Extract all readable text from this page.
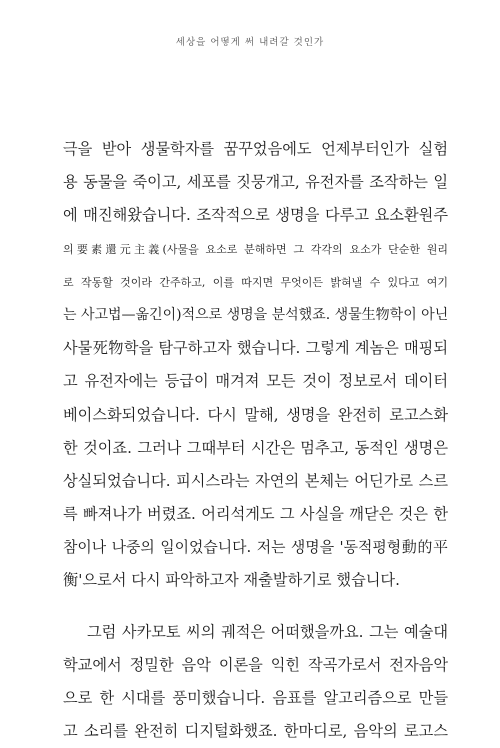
세상을 어떻게 써 내려갈 것인가
극을 받아 생물학자를 꿈꾸었음에도 언제부터인가 실험
용 동물을 죽이고, 세포를 짓뭉개고, 유전자를 조작하는 일
에 매진해왔습니다. 조작적으로 생명을 다루고 요소환원주
의要素還元主義(사물을 요소로 분해하면 그 각각의 요소가 단순한 원리
로 작동할 것이라 간주하고, 이를 따지면 무엇이든 밝혀낼 수 있다고 여기
는 사고법—옮긴이)적으로 생명을 분석했죠. 생물生物학이 아닌
사물死物학을 탐구하고자 했습니다. 그렇게 계놈은 매핑되
고 유전자에는 등급이 매겨져 모든 것이 정보로서 데이터
베이스화되었습니다. 다시 말해, 생명을 완전히 로고스화
한 것이죠. 그러나 그때부터 시간은 멈추고, 동적인 생명은
상실되었습니다. 피시스라는 자연의 본체는 어딘가로 스르
륵 빠져나가 버렸죠. 어리석게도 그 사실을 깨닫은 것은 한
참이나 나중의 일이었습니다. 저는 생명을 '동적평형動的平
衡'으로서 다시 파악하고자 재출발하기로 했습니다.
그럼 사카모토 씨의 궤적은 어떠했을까요. 그는 예술대
학교에서 정밀한 음악 이론을 익힌 작곡가로서 전자음악
으로 한 시대를 풍미했습니다. 음표를 알고리즘으로 만들
고 소리를 완전히 디지털화했죠. 한마디로, 음악의 로고스
